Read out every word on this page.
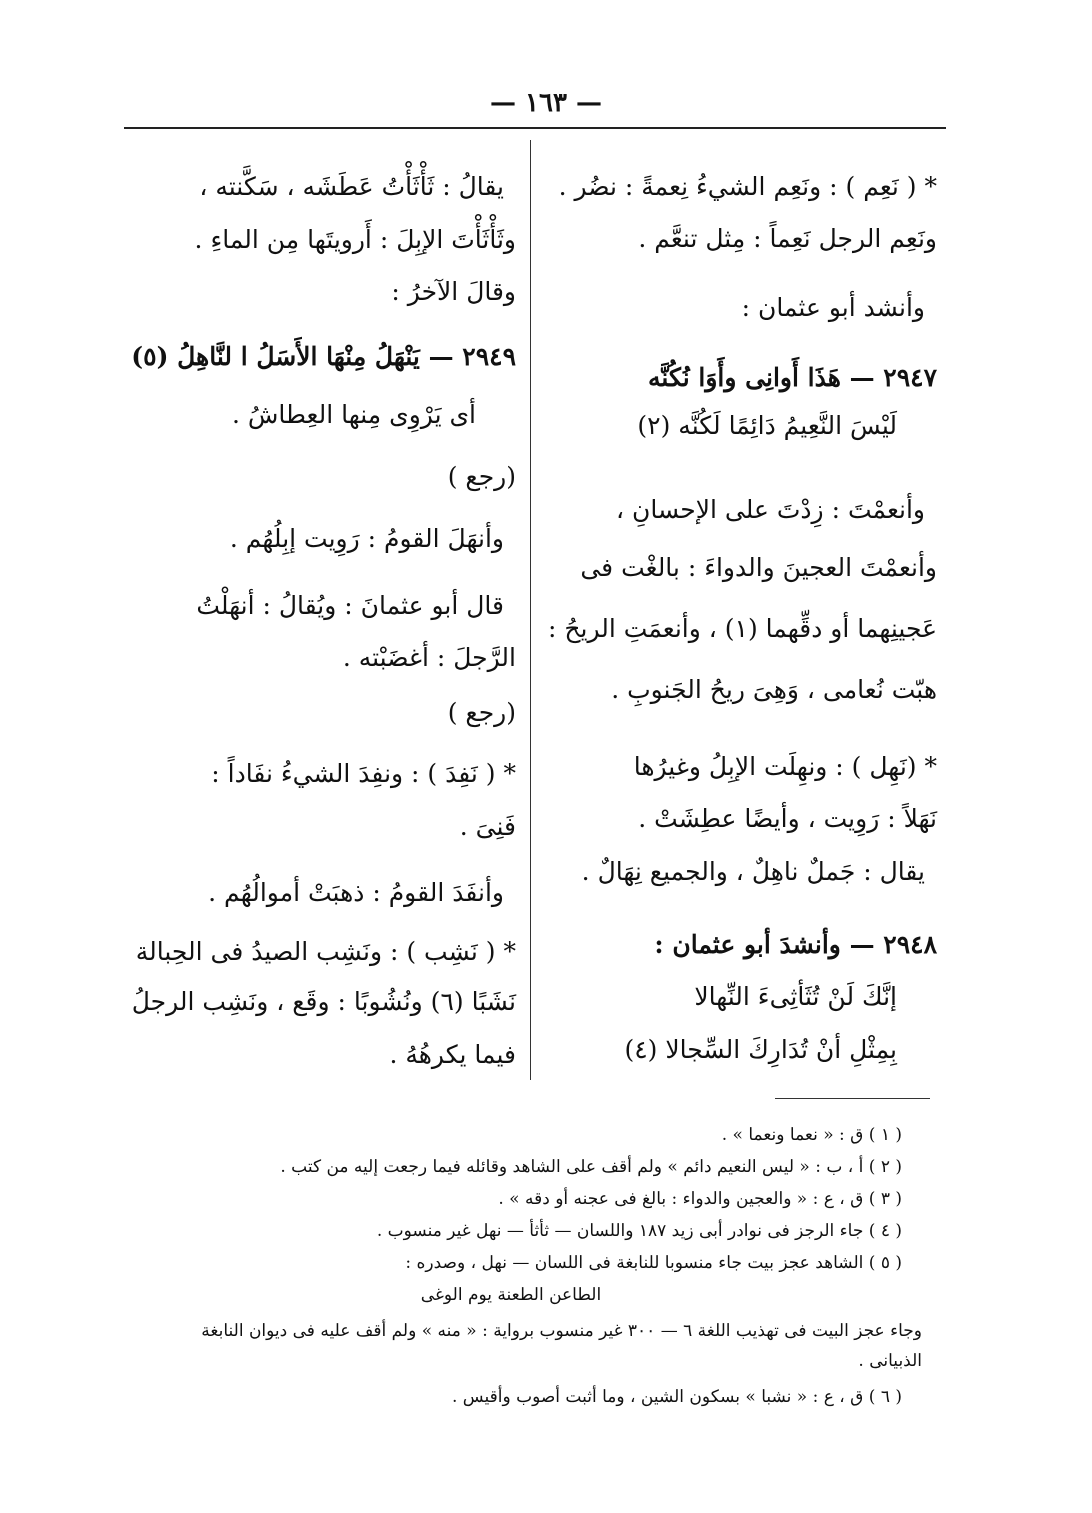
— ١٦٣ —
* ( نَعِم ) : ونَعِم الشيءُ نِعمةً : نضُر .
ونَعِم الرجل نَعِماً : مِثل تنعَّم .
وأنشد أبو عثمان :
٢٩٤٧ — هَذَا أَوانِى وأَوَا نُكُنَّه
لَيْسَ النَّعِيمُ دَائِمًا لَكُنَّه (٢)
وأنعمْتَ : زِدْتَ على الإحسانِ ،
وأنعمْتَ العجينَ والدواءَ : بالغْت فى
عَجينِهما أو دقِّهما (١) ، وأنعمَتِ الريحُ :
هبّت نُعامى ، وَهِىَ ريحُ الجَنوبِ .
* (نَهِل ) : ونهِلَت الإبِلُ وغيرُها
نَهَلاً : رَوِيت ، وأيضًا عطِشَتْ .
يقال : جَملٌ ناهِلٌ ، والجميع نِهَالٌ .
٢٩٤٨ — وأنشدَ أبو عثمان :
إنَّكَ لَنْ تُثَأثِىءَ النِّهالا
بِمِثْلِ أنْ تُدَارِكَ السِّجالا (٤)
يقالُ : ثَأْثَأْتُ عَطَشَه ، سَكَّنته ،
وثَأْثَأْتَ الإبِلَ : أَرويتَها مِن الماءِ .
وقالَ الآخرُ :
٢٩٤٩ — يَنْهَلُ مِنْهَا الأَسَلُ ا لنَّاهِلُ (٥)
أى يَرْوِى مِنها العِطاشُ .
(رجع )
وأنهَلَ القومُ : رَوِيت إبِلُهُم .
قال أبو عثمانَ : ويُقالُ : أنهَلْتُ
الرَّجلَ : أغضَبْته .
(رجع )
* ( نَفِدَ ) : ونفِدَ الشيءُ نفَاداً :
فَنِىَ .
وأنفَدَ القومُ : ذهبَتْ أموالُهُم .
* ( نَشِب ) : ونَشِب الصيدُ فى الحِبالة
نَشَبًا (٦) ونُشُوبًا : وقَع ، ونَشِب الرجلُ
فيما يكرهُهُ .
( ١ ) ق : « نعما ونعما » .
( ٢ ) أ ، ب : « ليس النعيم دائم » ولم أقف على الشاهد وقائله فيما رجعت إليه من كتب .
( ٣ ) ق ، ع : « والعجين والدواء : بالغ فى عجنه أو دقه » .
( ٤ ) جاء الرجز فى نوادر أبى زيد ١٨٧ واللسان — ثأثأ — نهل غير منسوب .
( ٥ ) الشاهد عجز بيت جاء منسوبا للنابغة فى اللسان — نهل ، وصدره :
الطاعن الطعنة يوم الوغى
وجاء عجز البيت فى تهذيب اللغة ٦ — ٣٠٠ غير منسوب برواية : « منه » ولم أقف عليه فى ديوان النابغة
الذبيانى .
( ٦ ) ق ، ع : « نشبا » بسكون الشين ، وما أثبت أصوب وأقيس .
